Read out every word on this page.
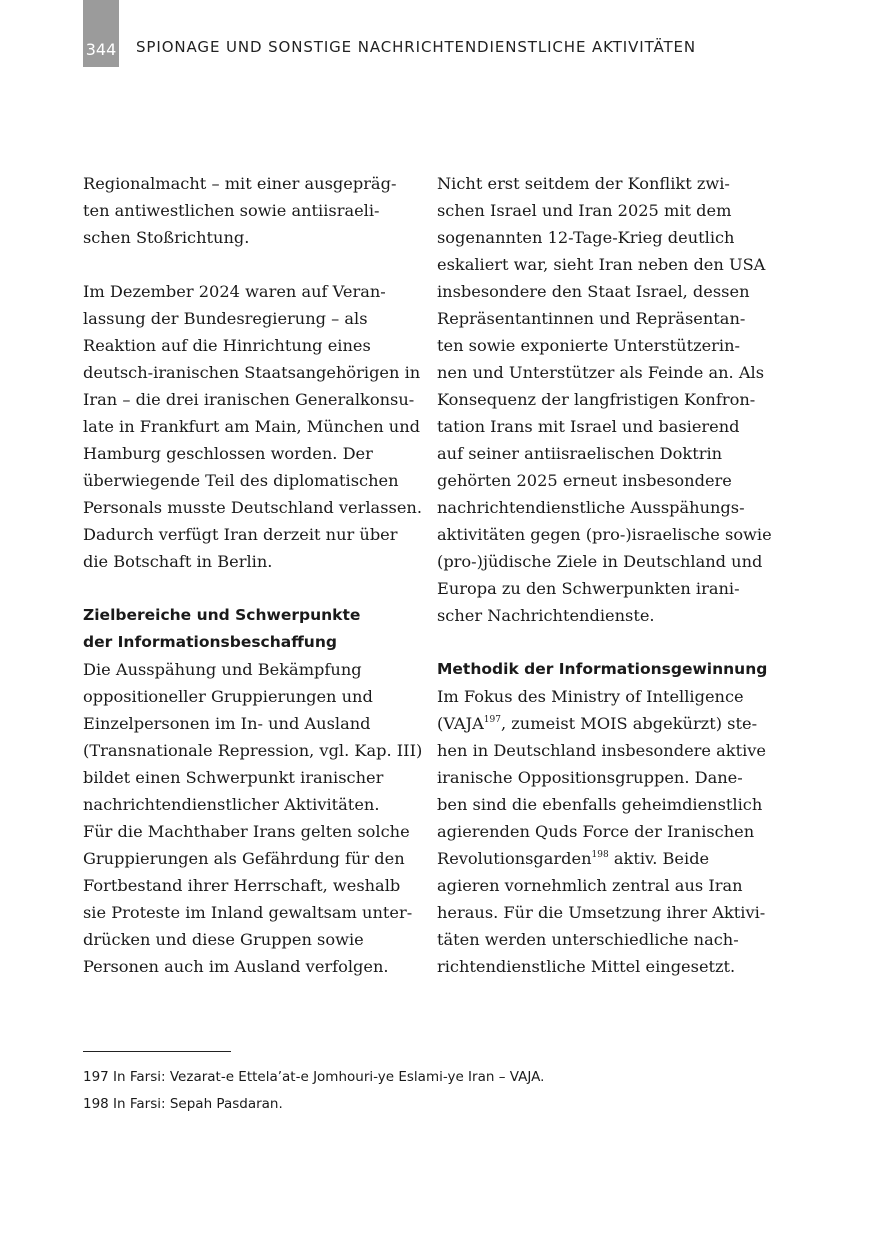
344 SPIONAGE UND SONSTIGE NACHRICHTENDIENSTLICHE AKTIVITÄTEN
Regionalmacht – mit einer ausgepräg-
ten antiwestlichen sowie antiisraeli-
schen Stoßrichtung.
Im Dezember 2024 waren auf Veran-
lassung der Bundesregierung – als
Reaktion auf die Hinrichtung eines
deutsch-iranischen Staatsangehörigen in
Iran – die drei iranischen Generalkonsu-
late in Frankfurt am Main, München und
Hamburg geschlossen worden. Der
überwiegende Teil des diplomatischen
Personals musste Deutschland verlassen.
Dadurch verfügt Iran derzeit nur über
die Botschaft in Berlin.
Zielbereiche und Schwerpunkte
der Informationsbeschaffung
Die Ausspähung und Bekämpfung
oppositioneller Gruppierungen und
Einzelpersonen im In- und Ausland
(Transnationale Repression, vgl. Kap. III)
bildet einen Schwerpunkt iranischer
nachrichtendienstlicher Aktivitäten.
Für die Machthaber Irans gelten solche
Gruppierungen als Gefährdung für den
Fortbestand ihrer Herrschaft, weshalb
sie Proteste im Inland gewaltsam unter-
drücken und diese Gruppen sowie
Personen auch im Ausland verfolgen.
Nicht erst seitdem der Konflikt zwi-
schen Israel und Iran 2025 mit dem
sogenannten 12-Tage-Krieg deutlich
eskaliert war, sieht Iran neben den USA
insbesondere den Staat Israel, dessen
Repräsentantinnen und Repräsentan-
ten sowie exponierte Unterstützerin-
nen und Unterstützer als Feinde an. Als
Konsequenz der langfristigen Konfron-
tation Irans mit Israel und basierend
auf seiner antiisraelischen Doktrin
gehörten 2025 erneut insbesondere
nachrichtendienstliche Ausspähungs-
aktivitäten gegen (pro-)israelische sowie
(pro-)jüdische Ziele in Deutschland und
Europa zu den Schwerpunkten irani-
scher Nachrichtendienste.
Methodik der Informationsgewinnung
Im Fokus des Ministry of Intelligence
(VAJA$^{197}$, zumeist MOIS abgekürzt) ste-
hen in Deutschland insbesondere aktive
iranische Oppositionsgruppen. Dane-
ben sind die ebenfalls geheimdienstlich
agierenden Quds Force der Iranischen
Revolutionsgarden$^{198}$ aktiv. Beide
agieren vornehmlich zentral aus Iran
heraus. Für die Umsetzung ihrer Aktivi-
täten werden unterschiedliche nach-
richtendienstliche Mittel eingesetzt.
197 In Farsi: Vezarat-e Ettela’at-e Jomhouri-ye Eslami-ye Iran – VAJA.
198 In Farsi: Sepah Pasdaran.
